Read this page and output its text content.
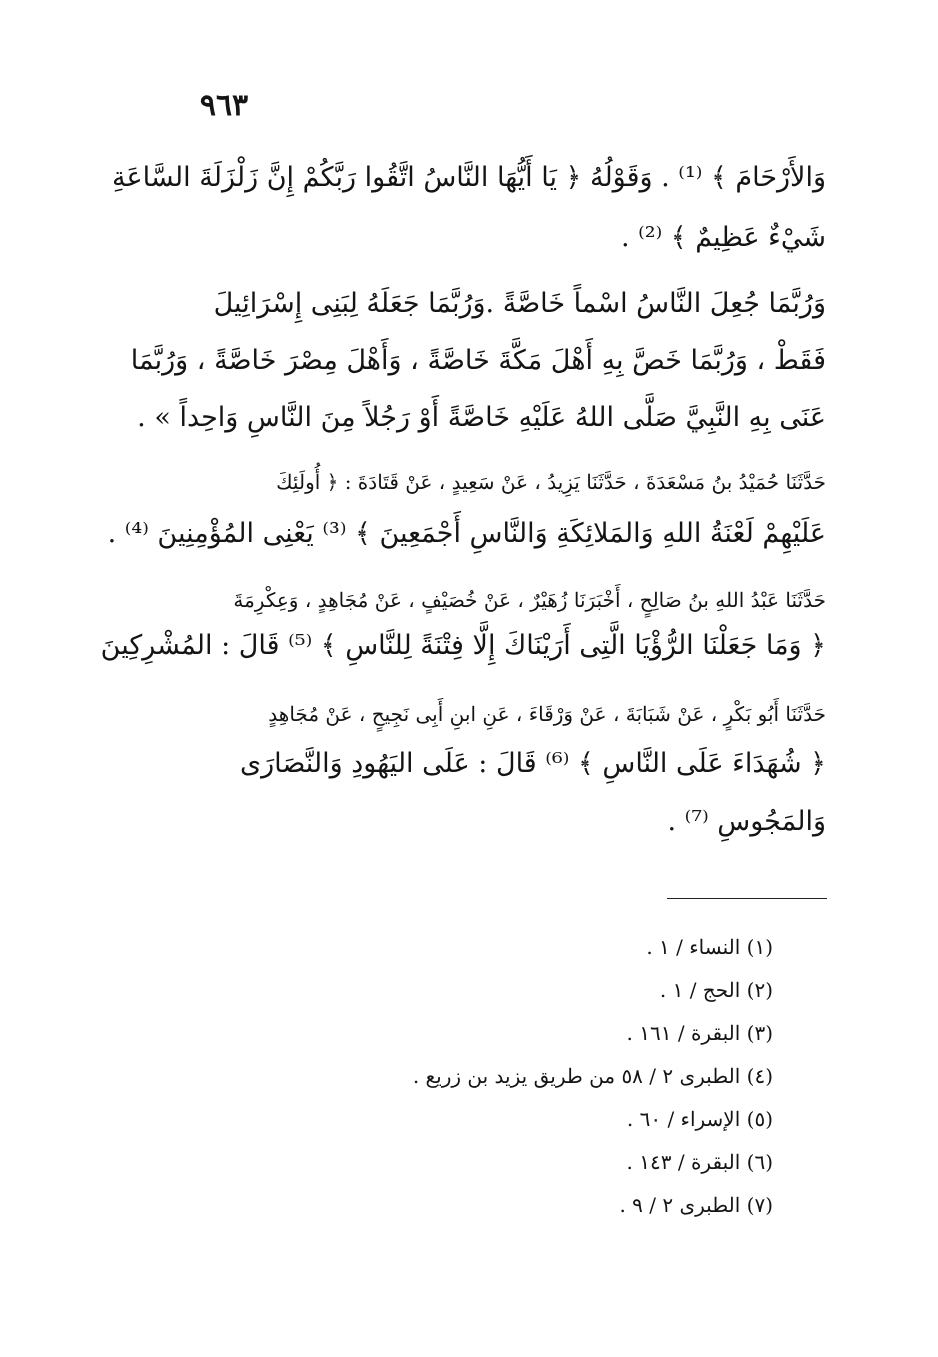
٩٦٣
وَالأَرْحَامَ ﴾ ⁽¹⁾ . وَقَوْلُهُ ﴿ يَا أَيُّهَا النَّاسُ اتَّقُوا رَبَّكُمْ إِنَّ زَلْزَلَةَ السَّاعَةِ
شَيْءٌ عَظِيمٌ ﴾ ⁽²⁾ .
وَرُبَّمَا جُعِلَ النَّاسُ اسْماً خَاصَّةً .وَرُبَّمَا جَعَلَهُ لِبَنِى إِسْرَائِيلَ
فَقَطْ ، وَرُبَّمَا خَصَّ بِهِ أَهْلَ مَكَّةَ خَاصَّةً ، وَأَهْلَ مِصْرَ خَاصَّةً ، وَرُبَّمَا
عَنَى بِهِ النَّبِيَّ صَلَّى اللهُ عَلَيْهِ خَاصَّةً أَوْ رَجُلاً مِنَ النَّاسِ وَاحِداً » .
حَدَّثَنَا حُمَيْدُ بنُ مَسْعَدَةَ ، حَدَّثَنَا يَزِيدُ ، عَنْ سَعِيدٍ ، عَنْ قَتَادَةَ : ﴿ أُولَئِكَ
عَلَيْهِمْ لَعْنَةُ اللهِ وَالمَلائِكَةِ وَالنَّاسِ أَجْمَعِينَ ﴾ ⁽³⁾ يَعْنِى المُؤْمِنِينَ ⁽⁴⁾ .
حَدَّثَنَا عَبْدُ اللهِ بنُ صَالِحٍ ، أَخْبَرَنَا زُهَيْرٌ ، عَنْ خُصَيْفٍ ، عَنْ مُجَاهِدٍ ، وَعِكْرِمَةَ
﴿ وَمَا جَعَلْنَا الرُّؤْيَا الَّتِى أَرَيْنَاكَ إِلَّا فِتْنَةً لِلنَّاسِ ﴾ ⁽⁵⁾ قَالَ : المُشْرِكِينَ
حَدَّثَنَا أَبُو بَكْرٍ ، عَنْ شَبَابَةَ ، عَنْ وَرْقَاءَ ، عَنِ ابنِ أَبِى نَجِيحٍ ، عَنْ مُجَاهِدٍ
﴿ شُهَدَاءَ عَلَى النَّاسِ ﴾ ⁽⁶⁾ قَالَ : عَلَى اليَهُودِ وَالنَّصَارَى
وَالمَجُوسِ ⁽⁷⁾ .
(١) النساء / ١ .
(٢) الحج / ١ .
(٣) البقرة / ١٦١ .
(٤) الطبرى ٢ / ٥٨ من طريق يزيد بن زريع .
(٥) الإسراء / ٦٠ .
(٦) البقرة / ١٤٣ .
(٧) الطبرى ٢ / ٩ .
